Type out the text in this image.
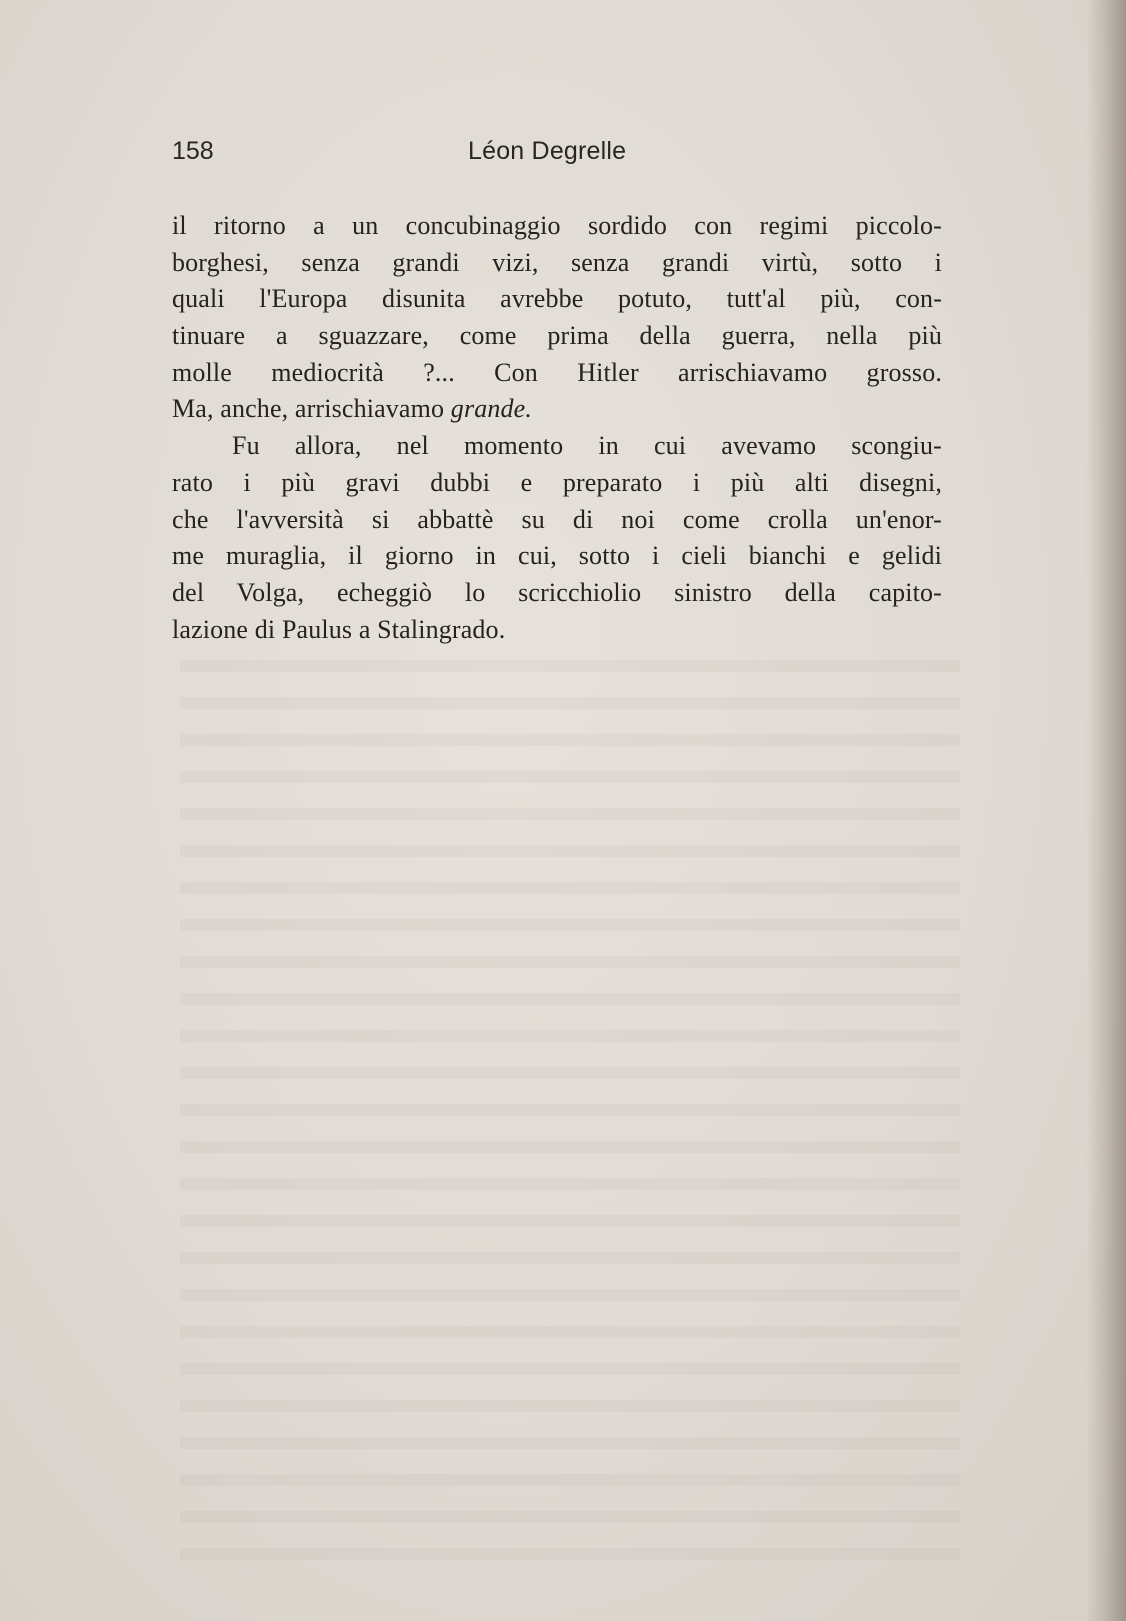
158	Léon Degrelle
il ritorno a un concubinaggio sordido con regimi piccolo-
borghesi, senza grandi vizi, senza grandi virtù, sotto i
quali l'Europa disunita avrebbe potuto, tutt'al più, con-
tinuare a sguazzare, come prima della guerra, nella più
molle mediocrità ?... Con Hitler arrischiavamo grosso.
Ma, anche, arrischiavamo grande.
Fu allora, nel momento in cui avevamo scongiu-
rato i più gravi dubbi e preparato i più alti disegni,
che l'avversità si abbattè su di noi come crolla un'enor-
me muraglia, il giorno in cui, sotto i cieli bianchi e gelidi
del Volga, echeggiò lo scricchiolio sinistro della capito-
lazione di Paulus a Stalingrado.
